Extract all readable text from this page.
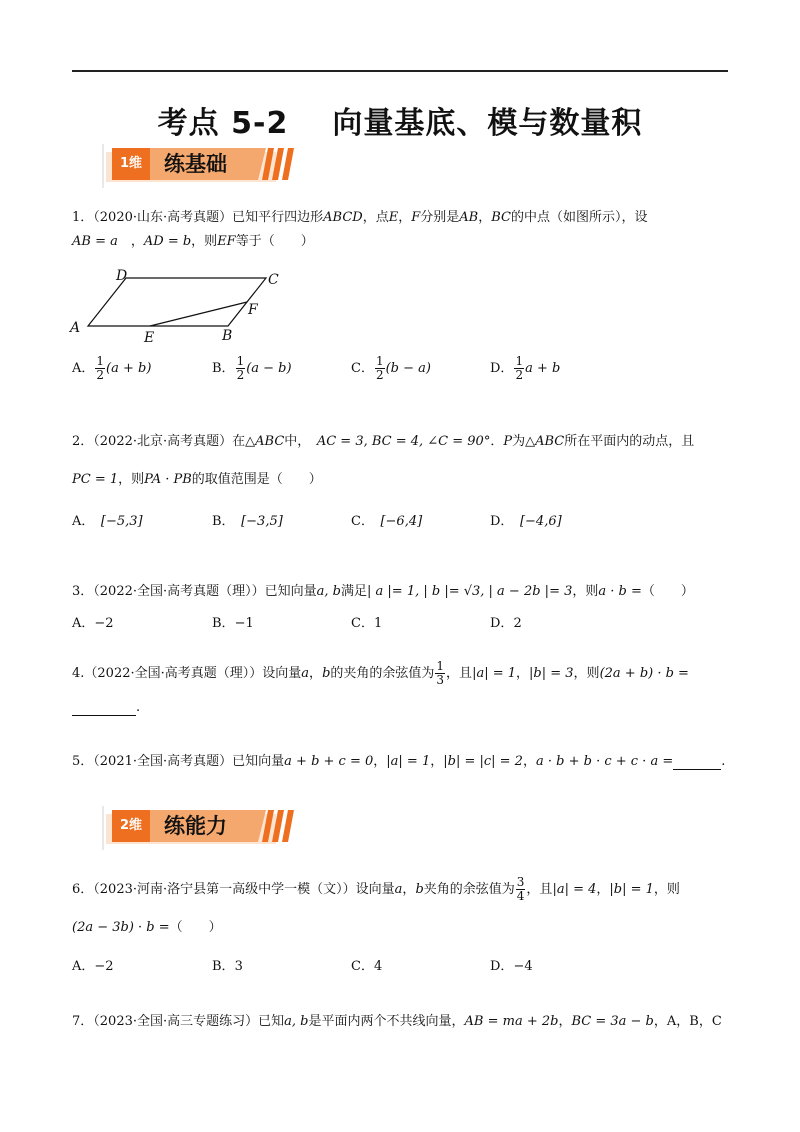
考点 5-2 向量基底、模与数量积
1维	练基础
1．（2020·山东·高考真题）已知平行四边形ABCD，点E，F分别是AB，BC的中点（如图所示），设
AB = a　，AD = b，则EF等于（　　）
A	B
C
D
E
F
A． $\frac{1}{2} (a + b)$	B． $\frac{1}{2} (a - b)$	C． $\frac{1}{2} (b - a)$	D． $\frac{1}{2}$ a + b
2．（2022·北京·高考真题）在△ABC中，　 AC = 3, BC = 4, ∠C = 90°．P为△ABC所在平面内的动点，且
PC = 1，则PA · PB的取值范围是（　　）
A．　 [−5,3]	B．　 [−3,5]	C．　 [−6,4]	D．　 [−4,6]
3．（2022·全国·高考真题（理））已知向量a, b满足| a |= 1, | b |= √3, | a − 2b |= 3，则a · b =（　　）
A．−2	B．−1	C．1	D．2
4.（2022·全国·高考真题（理））设向量a，b的夹角的余弦值为 $\frac{1}{3}$ ，且|a| = 1，|b| = 3，则(2a + b) · b =
.
5．（2021·全国·高考真题）已知向量a + b + c = 0，|a| = 1，|b| = |c| = 2，a · b + b · c + c · a =	.
2维	练能力
6．（2023·河南·洛宁县第一高级中学一模（文））设向量a，b夹角的余弦值为 $\frac{3}{4}$ ，且|a| = 4，|b| = 1，则
(2a − 3b) · b =（　　）
A．−2	B．3	C．4	D．−4
7．（2023·全国·高三专题练习）已知a, b是平面内两个不共线向量，AB = ma + 2b，BC = 3a − b，A，B，C
